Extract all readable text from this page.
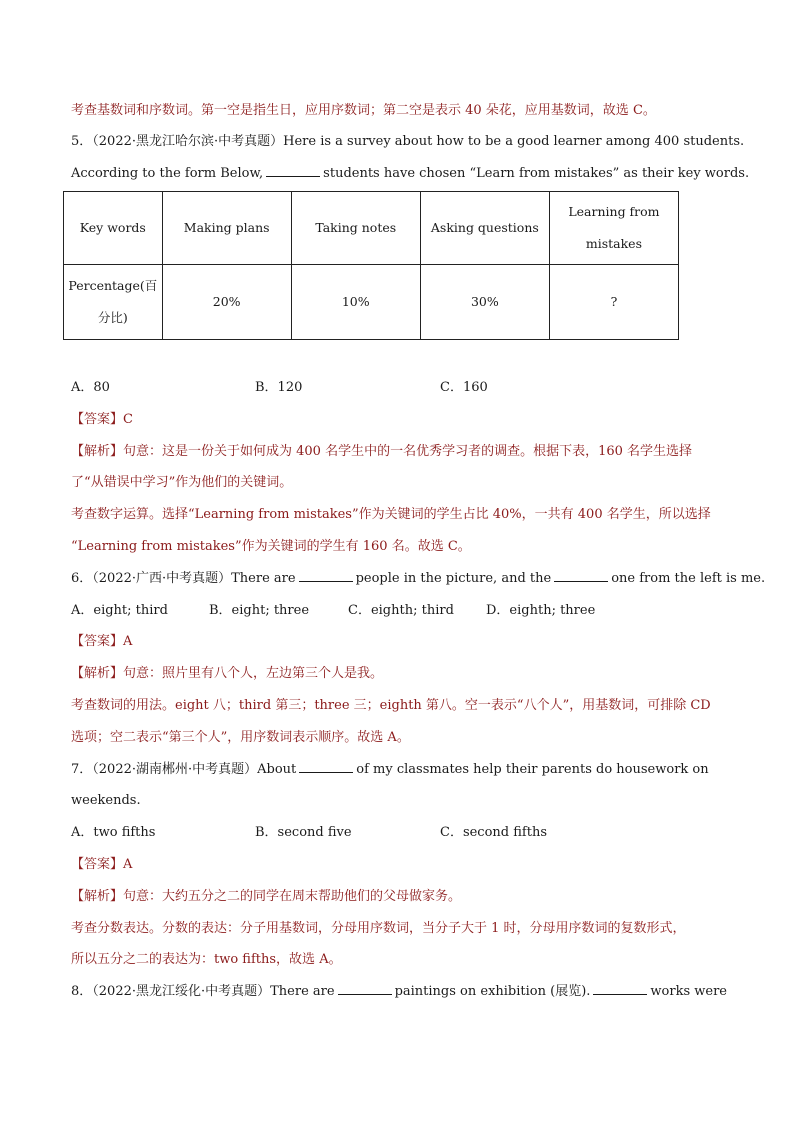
考查基数词和序数词。第一空是指生日，应用序数词；第二空是表示 40 朵花，应用基数词，故选 C。
5．（2022·黑龙江哈尔滨·中考真题）Here is a survey about how to be a good learner among 400 students.
According to the form Below,	students have chosen “Learn from mistakes” as their key words.
Key words	Making plans	Taking notes	Asking questions	Learning from mistakes
Percentage(百分比)	20%	10%	30%	?
A．80	B．120	C．160
【答案】C
【解析】句意：这是一份关于如何成为 400 名学生中的一名优秀学习者的调查。根据下表，160 名学生选择
了“从错误中学习”作为他们的关键词。
考查数字运算。选择“Learning from mistakes”作为关键词的学生占比 40%，一共有 400 名学生，所以选择
“Learning from mistakes”作为关键词的学生有 160 名。故选 C。
6．（2022·广西·中考真题）There are	people in the picture, and the	one from the left is me.
A．eight; third	B．eight; three	C．eighth; third D．eighth; three
【答案】A
【解析】句意：照片里有八个人，左边第三个人是我。
考查数词的用法。eight 八；third 第三；three 三；eighth 第八。空一表示“八个人”，用基数词，可排除 CD
选项；空二表示“第三个人”，用序数词表示顺序。故选 A。
7．（2022·湖南郴州·中考真题）About	of my classmates help their parents do housework on
weekends.
A．two fifths	B．second five	C．second fifths
【答案】A
【解析】句意：大约五分之二的同学在周末帮助他们的父母做家务。
考查分数表达。分数的表达：分子用基数词，分母用序数词，当分子大于 1 时，分母用序数词的复数形式，
所以五分之二的表达为：two fifths，故选 A。
8．（2022·黑龙江绥化·中考真题）There are	paintings on exhibition (展览).	works were
